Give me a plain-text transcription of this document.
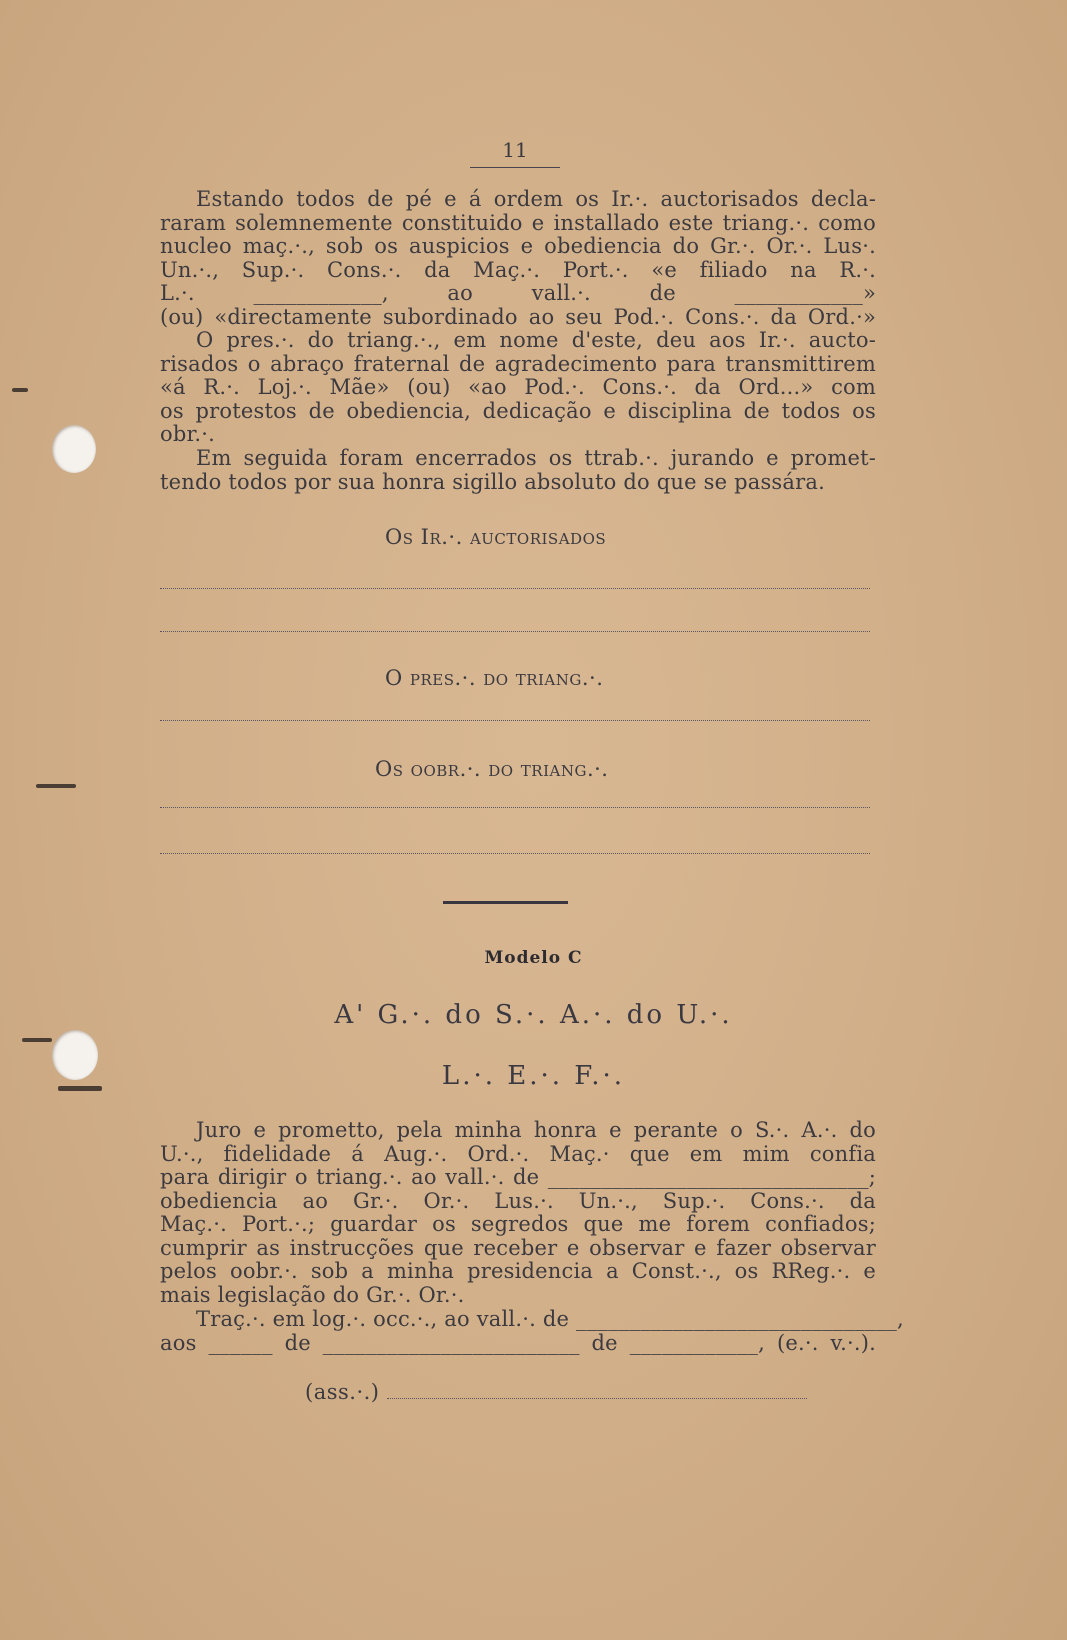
11
Estando todos de pé e á ordem os Ir.·. auctorisados decla-
raram solemnemente constituido e installado este triang.·. como
nucleo maç.·., sob os auspicios e obediencia do Gr.·. Or.·. Lus·.
Un.·., Sup.·. Cons.·. da Maç.·. Port.·. «e filiado na R.·.
L.·. ____________, ao vall.·. de ____________»
(ou) «directamente subordinado ao seu Pod.·. Cons.·. da Ord.·»
O pres.·. do triang.·., em nome d'este, deu aos Ir.·. aucto-
risados o abraço fraternal de agradecimento para transmittirem
«á R.·. Loj.·. Mãe» (ou) «ao Pod.·. Cons.·. da Ord...» com
os protestos de obediencia, dedicação e disciplina de todos os
obr.·.
Em seguida foram encerrados os ttrab.·. jurando e promet-
tendo todos por sua honra sigillo absoluto do que se passára.
Os Ir.·. auctorisados
O pres.·. do triang.·.
Os oobr.·. do triang.·.
Modelo C
A' G.·. do S.·. A.·. do U.·.
L.·. E.·. F.·.
Juro e prometto, pela minha honra e perante o S.·. A.·. do
U.·., fidelidade á Aug.·. Ord.·. Maç.· que em mim confia
para dirigir o triang.·. ao vall.·. de ______________________________;
obediencia ao Gr.·. Or.·. Lus.·. Un.·., Sup.·. Cons.·. da
Maç.·. Port.·.; guardar os segredos que me forem confiados;
cumprir as instrucções que receber e observar e fazer observar
pelos oobr.·. sob a minha presidencia a Const.·., os RReg.·. e
mais legislação do Gr.·. Or.·.
Traç.·. em log.·. occ.·., ao vall.·. de ______________________________,
aos ______ de ________________________ de ____________, (e.·. v.·.).
(ass.·.)
